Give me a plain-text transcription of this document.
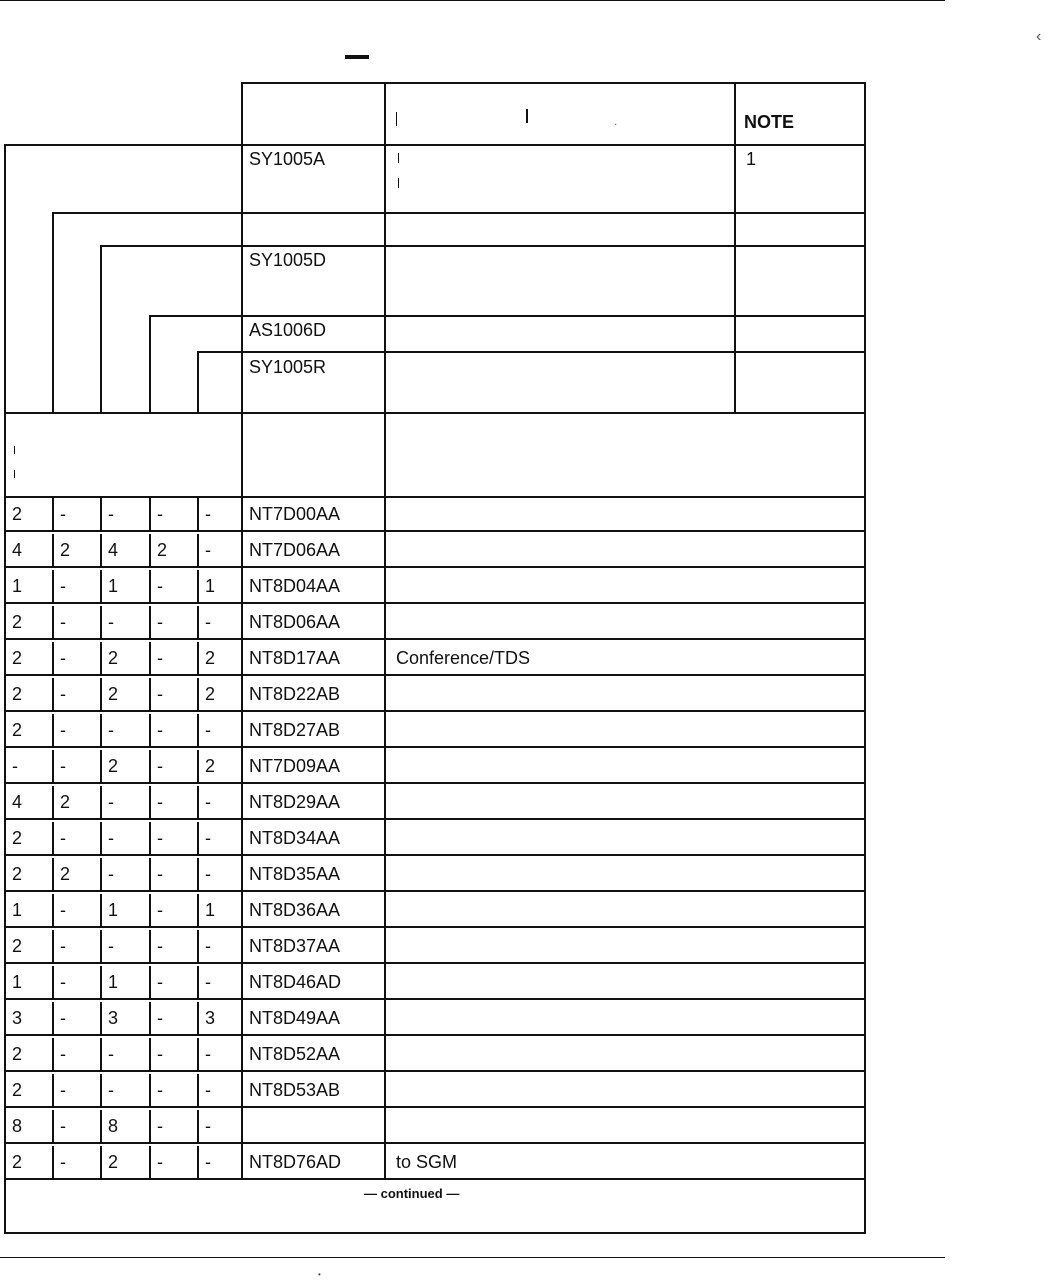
‹
•
.	NOTE
SY1005A	1
SY1005D
AS1006D
SY1005R
2 - - - - NT7D00AA
4 2 4 2 - NT7D06AA
1 - 1 - 1 NT8D04AA
2 - - - - NT8D06AA
2 - 2 - 2 NT8D17AA	Conference/TDS
2 - 2 - 2 NT8D22AB
2 - - - - NT8D27AB
- - 2 - 2 NT7D09AA
4 2 - - - NT8D29AA
2 - - - - NT8D34AA
2 2 - - - NT8D35AA
1 - 1 - 1 NT8D36AA
2 - - - - NT8D37AA
1 - 1 - - NT8D46AD
3 - 3 - 3 NT8D49AA
2 - - - - NT8D52AA
2 - - - - NT8D53AB
8 - 8 - -
2 - 2 - - NT8D76AD	to SGM
— continued —
